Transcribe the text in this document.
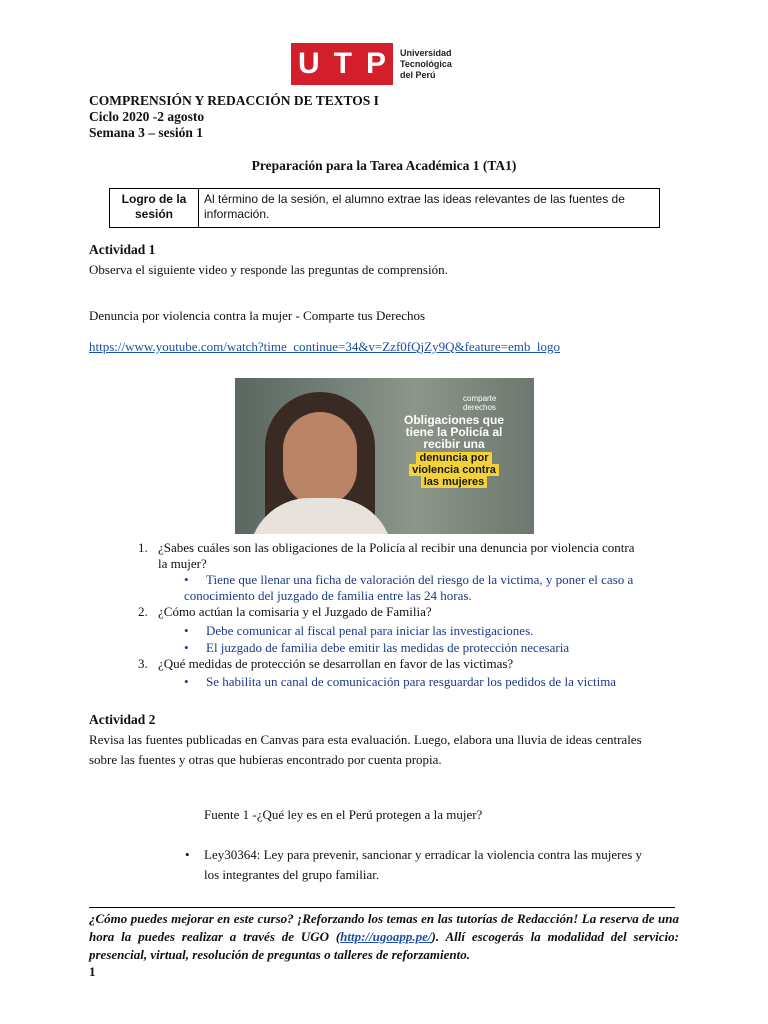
U T P Universidad
Tecnológica
del Perú
COMPRENSIÓN Y REDACCIÓN DE TEXTOS I
Ciclo 2020 -2 agosto
Semana 3 – sesión 1
Preparación para la Tarea Académica 1 (TA1)
Logro de la
sesión
Al término de la sesión, el alumno extrae las ideas relevantes de las fuentes de
información.
Actividad 1
Observa el siguiente video y responde las preguntas de comprensión.
Denuncia por violencia contra la mujer - Comparte tus Derechos
https://www.youtube.com/watch?time_continue=34&v=Zzf0fQjZy9Q&feature=emb_logo
comparte
derechos
Obligaciones que
tiene la Policía al
recibir una
denuncia por
violencia contra
las mujeres
1. ¿Sabes cuáles son las obligaciones de la Policía al recibir una denuncia por violencia contra
la mujer?
• Tiene que llenar una ficha de valoración del riesgo de la victima, y poner el caso a
conocimiento del juzgado de familia entre las 24 horas.
2. ¿Cómo actúan la comisaria y el Juzgado de Familia?
• Debe comunicar al fiscal penal para iniciar las investigaciones.
• El juzgado de familia debe emitir las medidas de protección necesaria
3. ¿Qué medidas de protección se desarrollan en favor de las victimas?
• Se habilita un canal de comunicación para resguardar los pedidos de la victima
Actividad 2
Revisa las fuentes publicadas en Canvas para esta evaluación. Luego, elabora una lluvia de ideas centrales
sobre las fuentes y otras que hubieras encontrado por cuenta propia.
Fuente 1 -¿Qué ley es en el Perú protegen a la mujer?
• Ley30364: Ley para prevenir, sancionar y erradicar la violencia contra las mujeres y
los integrantes del grupo familiar.
¿Cómo puedes mejorar en este curso? ¡Reforzando los temas en las tutorías de Redacción! La reserva de una hora la puedes realizar a través de UGO (http://ugoapp.pe/). Allí escogerás la modalidad del servicio: presencial, virtual, resolución de preguntas o talleres de reforzamiento.
1
